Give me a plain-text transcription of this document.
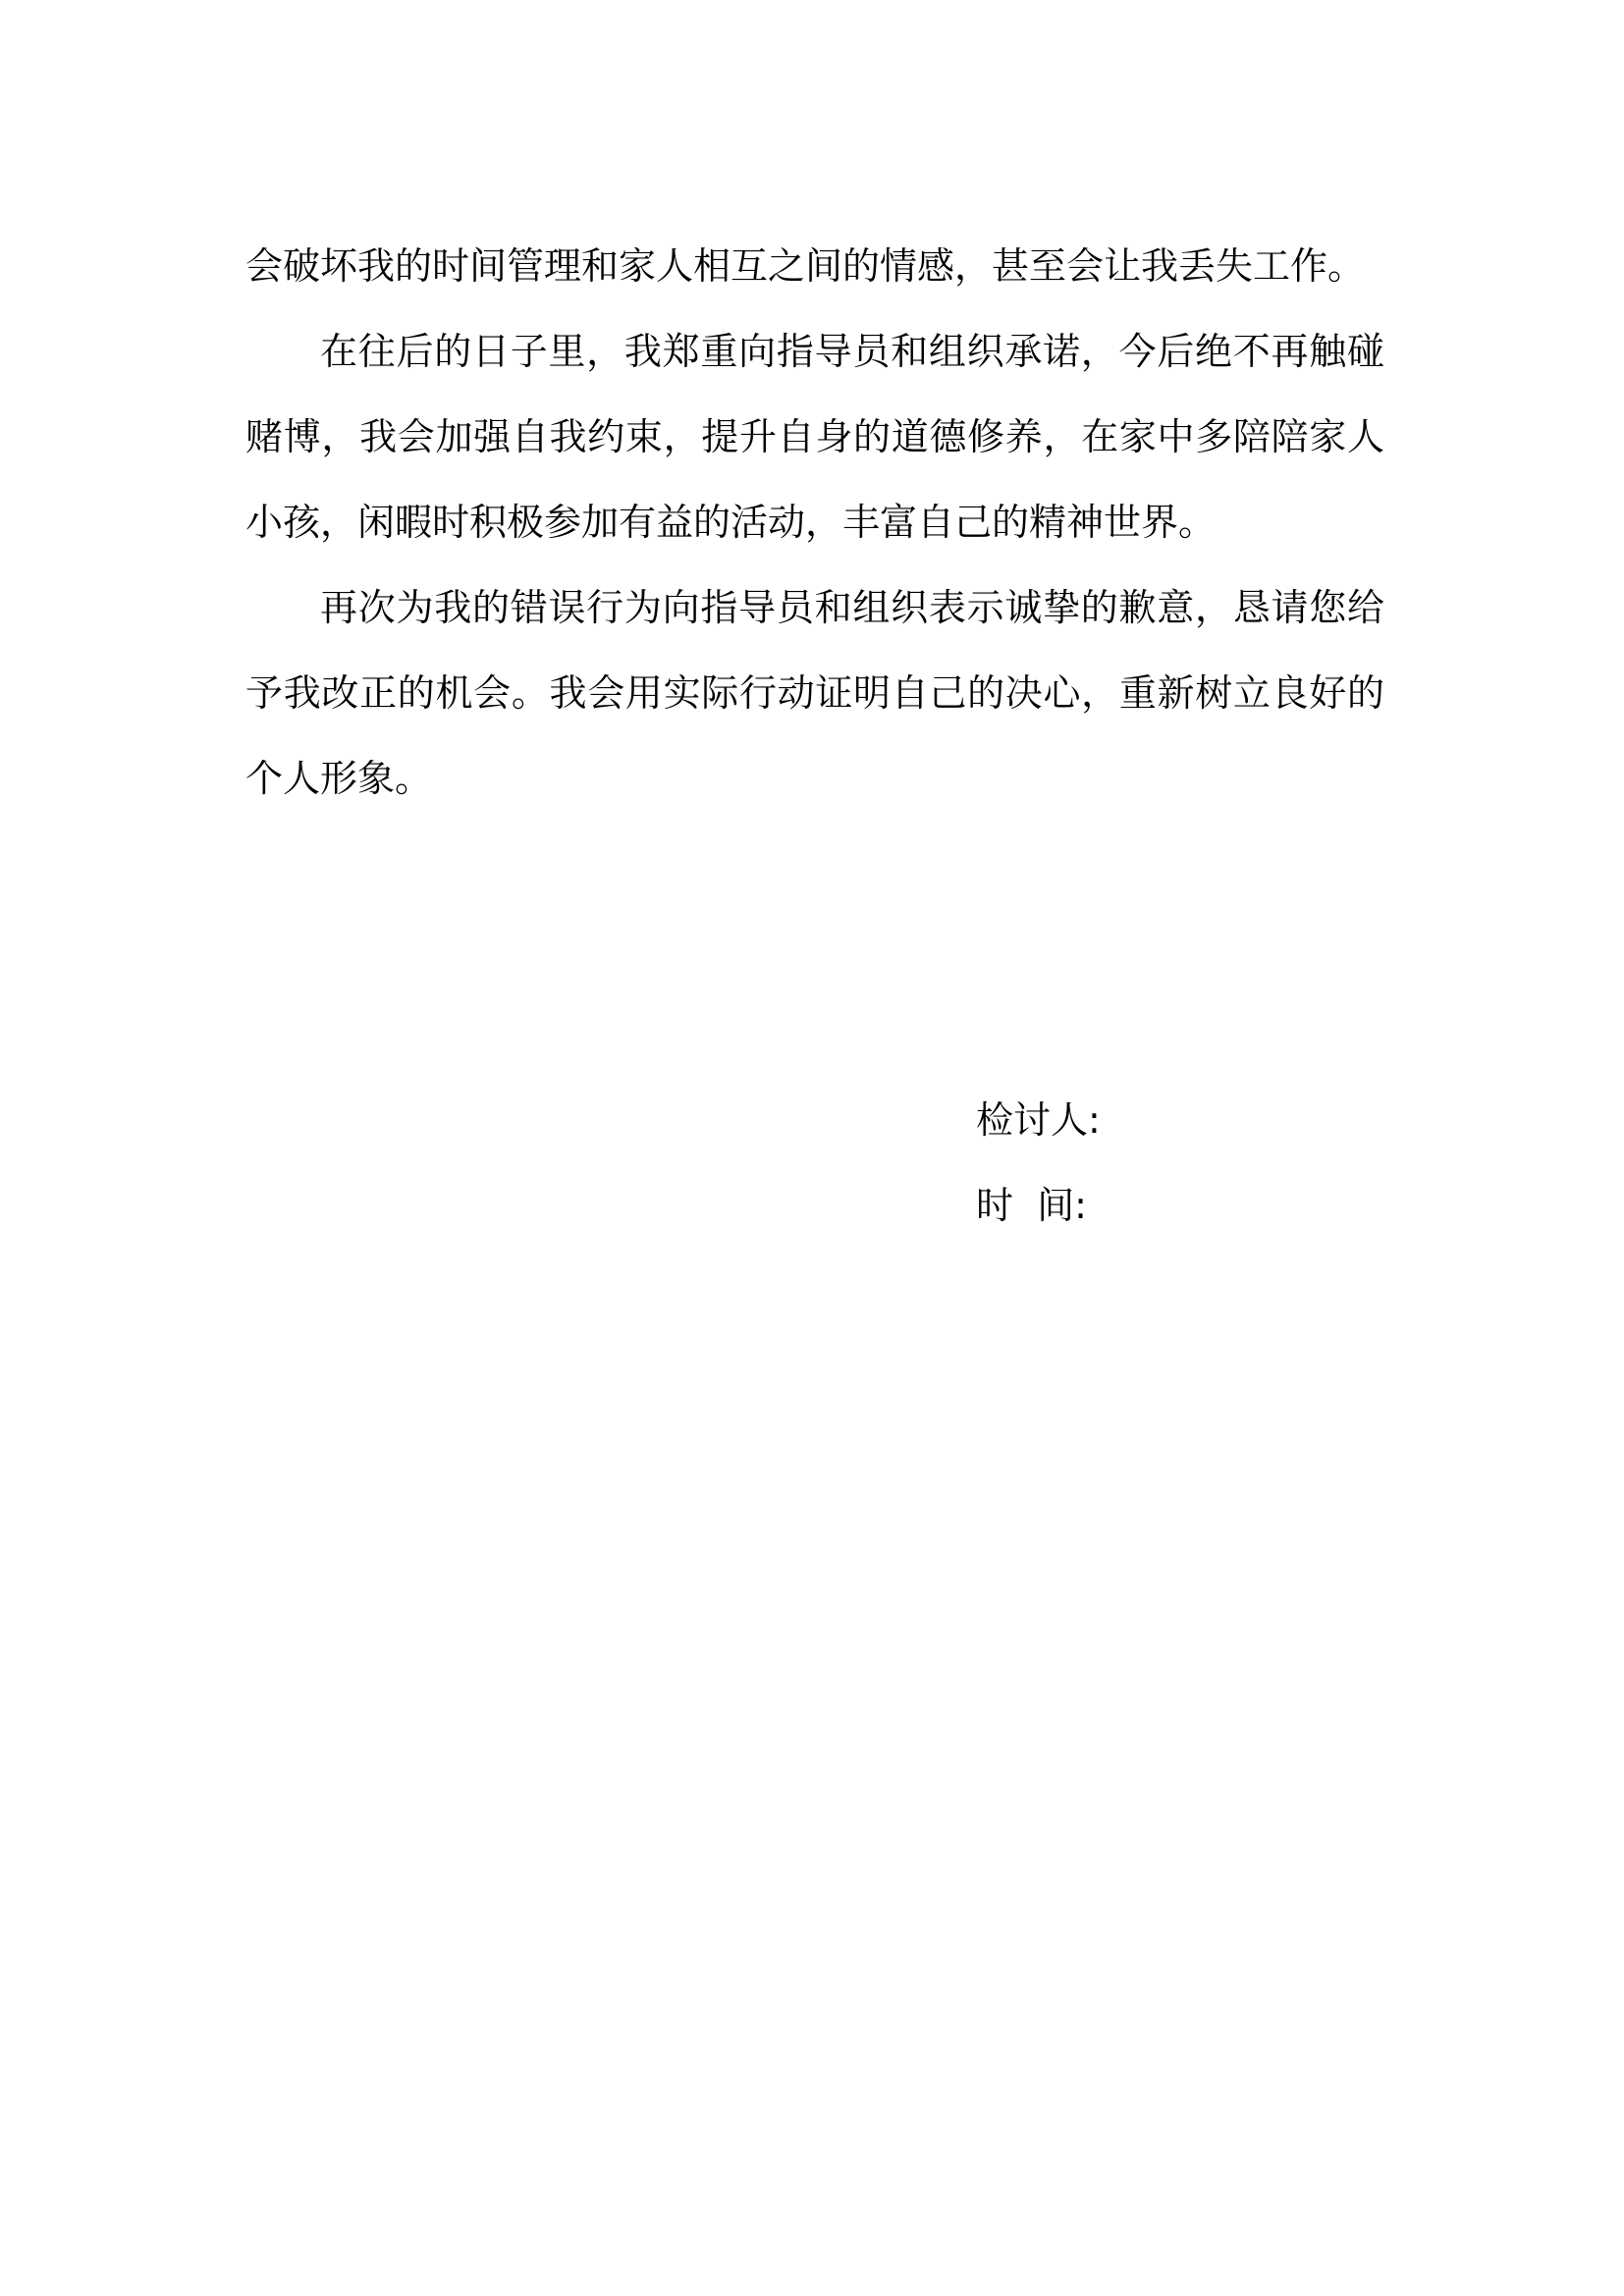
会破坏我的时间管理和家人相互之间的情感，甚至会让我丢失工作。

在往后的日子里，我郑重向指导员和组织承诺，今后绝不再触碰赌博，我会加强自我约束，提升自身的道德修养，在家中多陪陪家人小孩，闲暇时积极参加有益的活动，丰富自己的精神世界。

再次为我的错误行为向指导员和组织表示诚挚的歉意，恳请您给予我改正的机会。我会用实际行动证明自己的决心，重新树立良好的个人形象。

检讨人:
时  间:
